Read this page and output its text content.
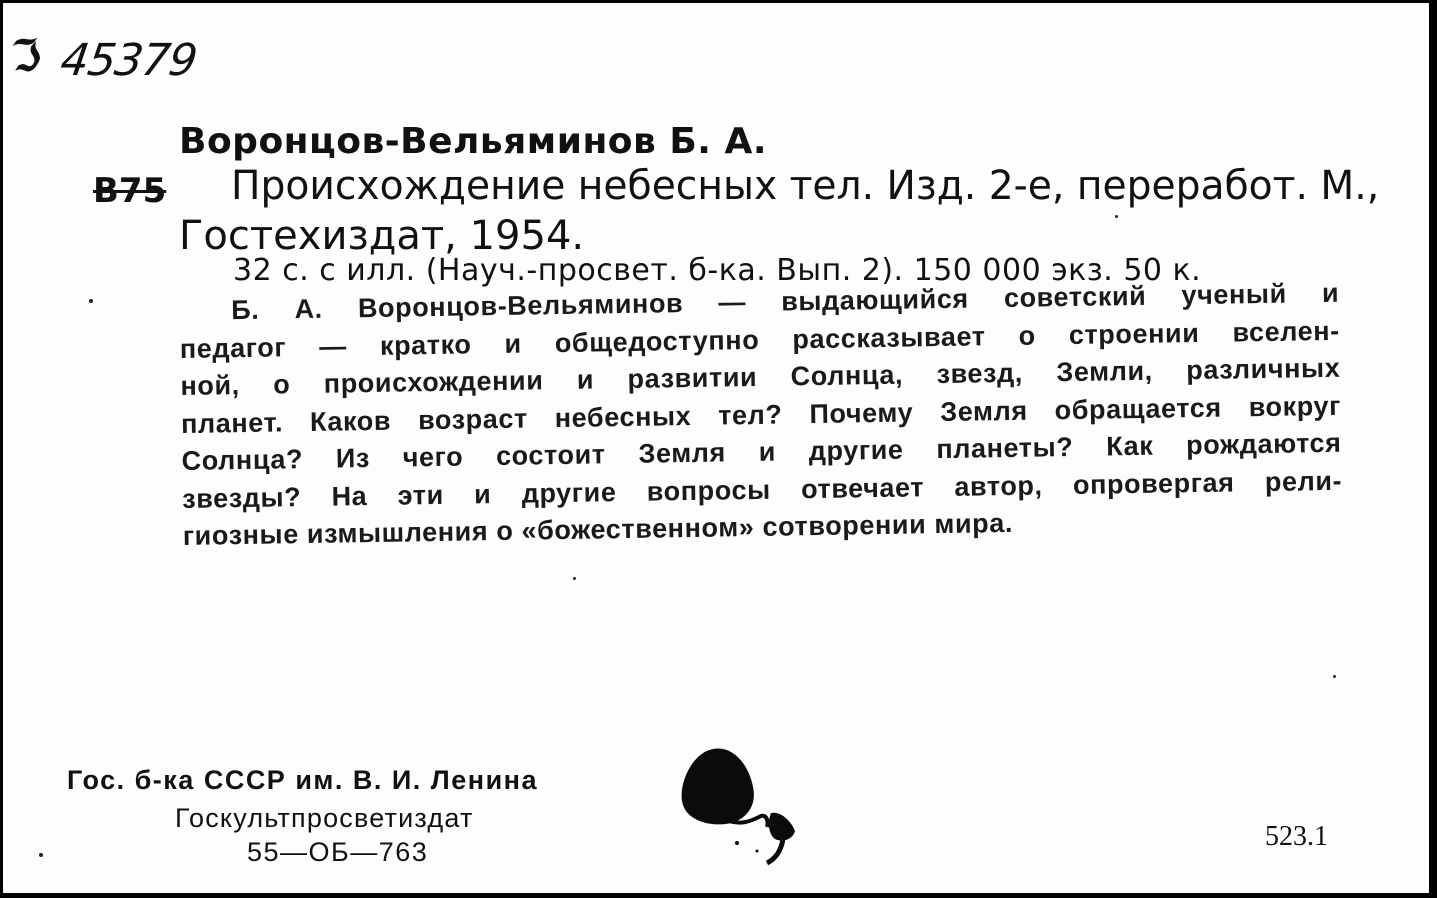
ℑ 45379
Воронцов-Вельяминов Б. А.
В75 Происхождение небесных тел. Изд. 2-е, переработ. М.,
Гостехиздат, 1954.
32 с. с илл. (Науч.-просвет. б-ка. Вып. 2). 150 000 экз. 50 к.
Б. А. Воронцов-Вельяминов — выдающийся советский ученый и
педагог — кратко и общедоступно рассказывает о строении вселен-
ной, о происхождении и развитии Солнца, звезд, Земли, различных
планет. Каков возраст небесных тел? Почему Земля обращается вокруг
Солнца? Из чего состоит Земля и другие планеты? Как рождаются
звезды? На эти и другие вопросы отвечает автор, опровергая рели-
гиозные измышления о «божественном» сотворении мира.
Гос. б-ка СССР им. В. И. Ленина
Госкультпросветиздат
55—ОБ—763	523.1
